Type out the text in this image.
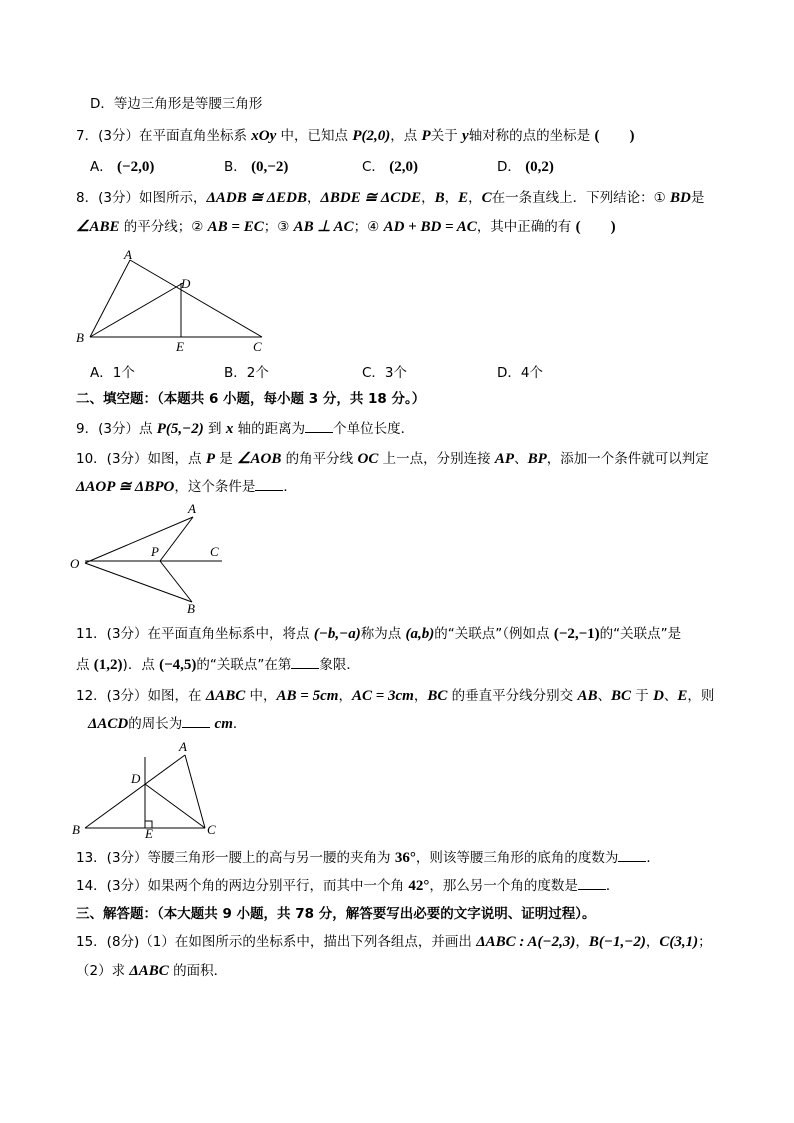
D．等边三角形是等腰三角形
7．(3分）在平面直角坐标系 xOy 中，已知点 P(2,0)，点 P关于 y轴对称的点的坐标是 (　　)
A． (−2,0)	B． (0,−2)	C． (2,0)	D． (0,2)
8．(3分）如图所示，ΔADB ≅ ΔEDB，ΔBDE ≅ ΔCDE，B，E，C在一条直线上．下列结论：① BD是
∠ABE 的平分线；② AB = EC；③ AB ⊥ AC；④ AD + BD = AC，其中正确的有 (　　)
A
D
B
E	C
O
A
P	C
B
A
D
B	E	C
A．1个	B．2个	C．3个	D．4个
二、填空题：（本题共 6 小题，每小题 3 分，共 18 分。）
9．(3分）点 P(5,−2) 到 x 轴的距离为 个单位长度．
10．(3分）如图，点 P 是 ∠AOB 的角平分线 OC 上一点，分别连接 AP、BP，添加一个条件就可以判定
ΔAOP ≅ ΔBPO，这个条件是 ．
11．(3分）在平面直角坐标系中，将点 (−b,−a)称为点 (a,b)的“关联点”（例如点 (−2,−1)的“关联点”是
点 (1,2))．点 (−4,5)的“关联点”在第 象限．
12．(3分）如图，在 ΔABC 中，AB = 5cm，AC = 3cm，BC 的垂直平分线分别交 AB、BC 于 D、E，则
ΔACD的周长为 cm．
13．(3分）等腰三角形一腰上的高与另一腰的夹角为 36°，则该等腰三角形的底角的度数为 ．
14．(3分）如果两个角的两边分别平行，而其中一个角 42°，那么另一个角的度数是 ．
三、解答题：（本大题共 9 小题，共 78 分，解答要写出必要的文字说明、证明过程）。
15．(8分)（1）在如图所示的坐标系中，描出下列各组点，并画出 ΔABC : A(−2,3)，B(−1,−2)，C(3,1)；
（2）求 ΔABC 的面积．
